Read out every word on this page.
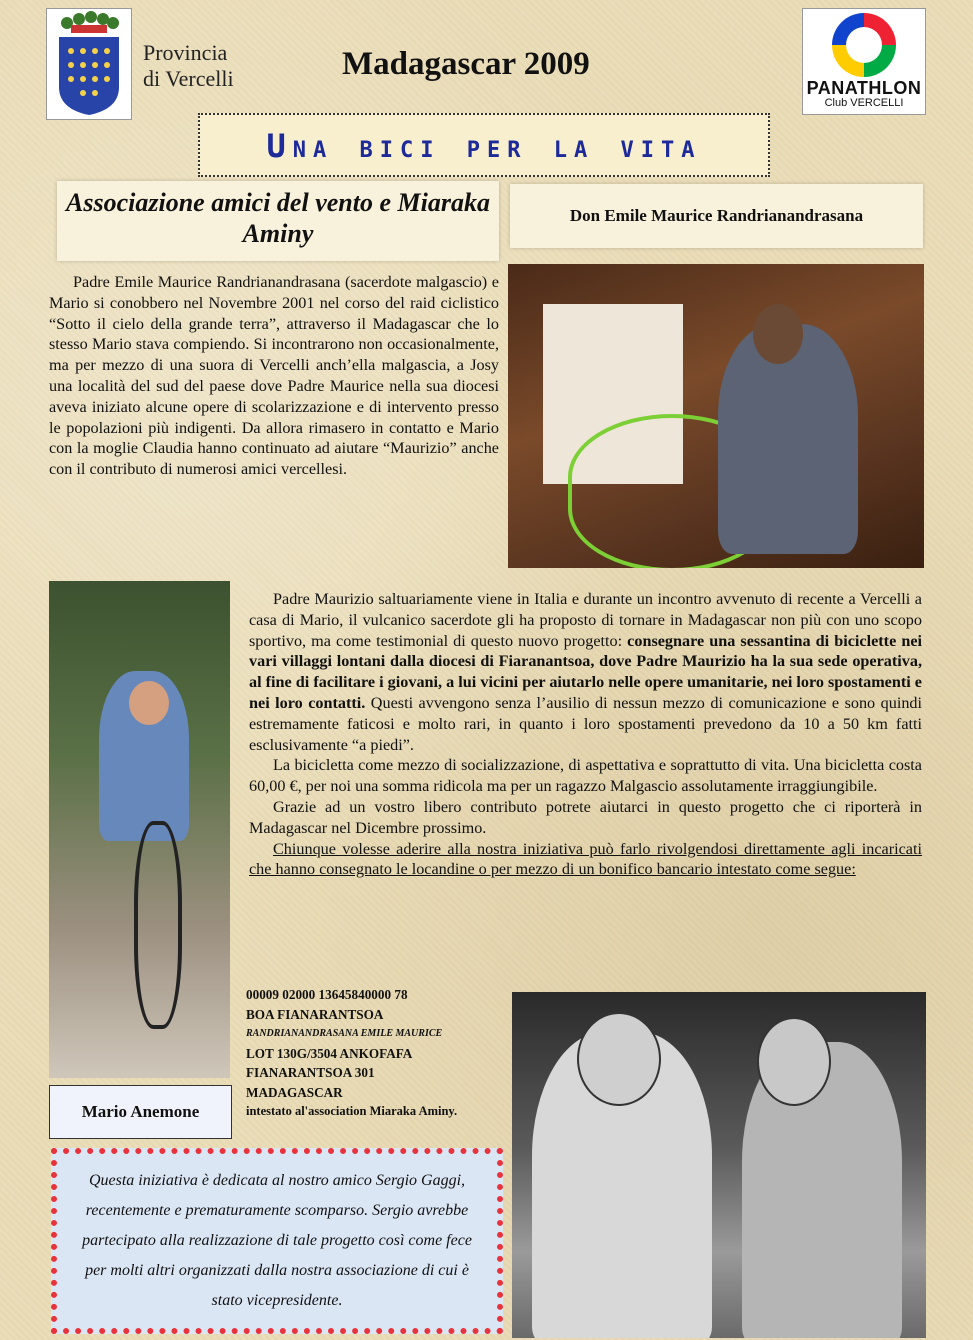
Provincia
di Vercelli	Madagascar 2009
PANATHLON
Club VERCELLI
Una bici per la vita
Associazione amici del vento e Miaraka Aminy
Don Emile Maurice Randrianandrasana
Padre Emile Maurice Randrianandrasana (sacerdote malgascio) e Mario si conobbero nel Novembre 2001 nel corso del raid ciclistico “Sotto il cielo della grande terra”, attraverso il Madagascar che lo stesso Mario stava compiendo. Si incontrarono non occasionalmente, ma per mezzo di una suora di Vercelli anch’ella malgascia, a Josy una località del sud del paese dove Padre Maurice nella sua diocesi aveva iniziato alcune opere di scolarizzazione e di intervento presso le popolazioni più indigenti. Da allora rimasero in contatto e Mario con la moglie Claudia hanno continuato ad aiutare “Maurizio” anche con il contributo di numerosi amici vercellesi.
Mario Anemone
Padre Maurizio saltuariamente viene in Italia e durante un incontro avvenuto di recente a Vercelli a casa di Mario, il vulcanico sacerdote gli ha proposto di tornare in Madagascar non più con uno scopo sportivo, ma come testimonial di questo nuovo progetto: consegnare una sessantina di biciclette nei vari villaggi lontani dalla diocesi di Fiaranantsoa, dove Padre Maurizio ha la sua sede operativa, al fine di facilitare i giovani, a lui vicini per aiutarlo nelle opere umanitarie, nei loro spostamenti e nei loro contatti. Questi avvengono senza l’ausilio di nessun mezzo di comunicazione e sono quindi estremamente faticosi e molto rari, in quanto i loro spostamenti prevedono da 10 a 50 km fatti esclusivamente “a piedi”.
La bicicletta come mezzo di socializzazione, di aspettativa e soprattutto di vita. Una bicicletta costa 60,00 €, per noi una somma ridicola ma per un ragazzo Malgascio assolutamente irraggiungibile.
Grazie ad un vostro libero contributo potrete aiutarci in questo progetto che ci riporterà in Madagascar nel Dicembre prossimo.
Chiunque volesse aderire alla nostra iniziativa può farlo rivolgendosi direttamente agli incaricati che hanno consegnato le locandine o per mezzo di un bonifico bancario intestato come segue:
00009 02000 13645840000 78
BOA FIANARANTSOA
RANDRIANANDRASANA EMILE MAURICE
LOT 130G/3504 ANKOFAFA
FIANARANTSOA 301
MADAGASCAR
intestato al'association Miaraka Aminy.
Questa iniziativa è dedicata al nostro amico Sergio Gaggi, recentemente e prematuramente scomparso. Sergio avrebbe partecipato alla realizzazione di tale progetto così come fece per molti altri organizzati dalla nostra associazione di cui è stato vicepresidente.
